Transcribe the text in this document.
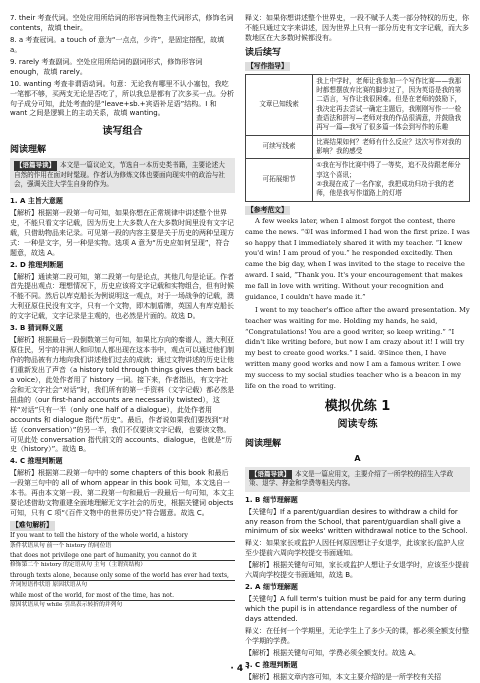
7. their 考查代词。空处应用所给词的形容词性物主代词形式，修饰名词 contents，故填 their。

8. a 考查冠词。a touch of 意为“一点点，少许”，是固定搭配，故填 a。

9. rarely 考查副词。空处应用所给词的副词形式，修饰形容词 enough，故填 rarely。

10. wanting 考查非谓语动词。句意：无论我有哪里不认小塞包，我吃一笔都不够，买两支无论是否吃了，所以我总是都有了次多买一点。分析句子成分可知，此处考查的是“leave+sb.+宾语补足语”结构。I 和 want 之间是逻辑上的主动关系，故填 wanting。

读写组合
阅读理解
【语篇导读】 本文是一篇议论文，节选自一本历史类书籍，主要论述大自然的作用在面对时髦现。作者认为修炼文体也要面向现实中的政治与社会，强调关注大学生自身的作为。

1. A 主旨大意题

【解析】根据第一段第一句可知，如果你想在正常规律中讲述整个世界史，不能只看文字记载，因为历史上大多数人在大多数时间里没有文字记载，只借助物品来记录。可见第一段的内容主要是关于历史的两种呈现方式：一种是文字，另一种是实物。选项 A 意为“历史应如何呈现”，符合题意，故选 A。

2. D 推理判断题

【解析】通读第二段可知，第二段第一句是论点，其他几句是论证。作者首先提出观点：理想情况下，历史应该将文字记载和实物组合，但有时候不能不同。然后以库克船长为例说明这一观点，对于一场战争的记载，澳大利亚原住民没有文字，只有一个文物，即木制盾牌，英国人有库克船长的文字记载，文字记录是主观的，也必然是片面的。故选 D。

3. B 猜词释义题

【解析】根据最后一段倒数第三句可知，如果比方向的秦谱人，澳大利亚原住民，另宇的非洲人和印加人都出现在这本书中，观点可以通过他们制作的物品被有力地向我们讲述他们过去的成就；通过文物讲述的历史让他们重新发出了声音（a history told through things gives them back a voice），此处作者用了 history 一词。接下来，作者指出，有文字社会和无文字社会“对话”时，我们所有的第一手资料（文字记载）都必然是扭曲的（our first-hand accounts are necessarily twisted），这样“对话”只有一半（only one half of a dialogue），此处作者用 accounts 和 dialogue 指代“历史”。最后，作者说如果我们要找到“对话（conversation）”的另一半，我们不仅要读文字记载，也要读文物。可见此处 conversation 指代前文的 accounts、dialogue，也就是“历史（history）”。故选 B。

4. C 推理判断题

【解析】根据第二段第一句中的 some chapters of this book 和最后一段第三句中的 all of whom appear in this book 可知，本文选自一本书。再由本文第一段、第二段第一句和最后一段最后一句可知，本文主要论述借助文物重建全面地理解无文字社会的历史，根据关键词 objects 可知，只有 C 项“《百件文物中的世界历史》”符合题意。故选 C。

【难句解析】
If you want to tell the history of the whole world, a history
条件状语从句 前一个 history 的同位语
that does not privilege one part of humanity, you cannot do it
修饰第二个 history 的定语从句 主句（主谓宾结构）
through texts alone, because only some of the world has ever had texts,
介词短语作状语 原因状语从句
while most of the world, for most of the time, has not.
原因状语从句 while 引出表示转折的并列句

释义：如果你想讲述整个世界史，一段不赋予人类一部分特权的历史，你不能只通过文字来讲述，因为世界上只有一部分历史有文字记载，而大多数地区在大多数时候都没有。

读后续写
【写作指导】
文章已知线索	我上中学时，老师让我参加一个写作比赛——我那时都想摆放弃比赛的脚步过了，因为英语是我的第二语言，写作让我很困难。但是在老师的鼓励下，我决定再去尝试一确定主题后，我刚刚写作一一检查语法和拼写—老师对我的作品很满意，并鼓励我再写一篇—我写了很多篇一体会到写作的乐趣
可续写线索	比赛结果如何？老师有什么反应？这次写作对我的影响？我的感受
可拓展细节	①我在写作比赛中得了一等奖，追不及待跟老师分享这个喜讯；
②我现在成了一名作家，我把成功归功于我的老师，他是我写作道路上的灯塔
【参考范文】

A few weeks later, when I almost forgot the contest, there came the news. “①I was informed I had won the first prize. I was so happy that I immediately shared it with my teacher. “I knew you'd win! I am proud of you.” he responded excitedly. Then came the big day, when I was invited to the stage to receive the award. I said, “Thank you. It's your encouragement that makes me fall in love with writing. Without your recognition and guidance, I couldn't have made it.”

I went to my teacher's office after the award presentation. My teacher was waiting for me. Holding my hands, he said, “Congratulations! You are a good writer, so keep writing.” “I didn't like writing before, but now I am crazy about it! I will try my best to create good works.” I said. ②Since then, I have written many good works and now I am a famous writer. I owe my success to my social studies teacher who is a beacon in my life on the road to writing.

模拟优练 1
阅读专练
阅读理解
A
【语篇导读】 本文是一篇应用文，主要介绍了一所学校的招生入学政策、退学、押金和学费等相关内容。

1. B 细节理解题

【关键句】If a parent/guardian desires to withdraw a child for any reason from the School, that parent/guardian shall give a minimum of six weeks' written withdrawal notice to the School.

释义：如果家长或监护人因任何原因想让子女退学，此该家长/监护人应至少提前六周向学校提交书面通知。

【解析】根据关键句可知，家长或监护人想让子女退学时，应该至少提前六周向学校提交书面通知，故选 B。

2. A 细节理解题

【关键句】A full term's tuition must be paid for any term during which the pupil is in attendance regardless of the number of days attended.

释义：在任何一个学期里，无论学生上了多少天的课，都必须全额支付整个学期的学费。

【解析】根据关键句可知，学费必须全额支付。故选 A。

3. C 推理判断题

【解析】根据文章内容可知，本文主要介绍的是一所学校有关招

· 4 ·
